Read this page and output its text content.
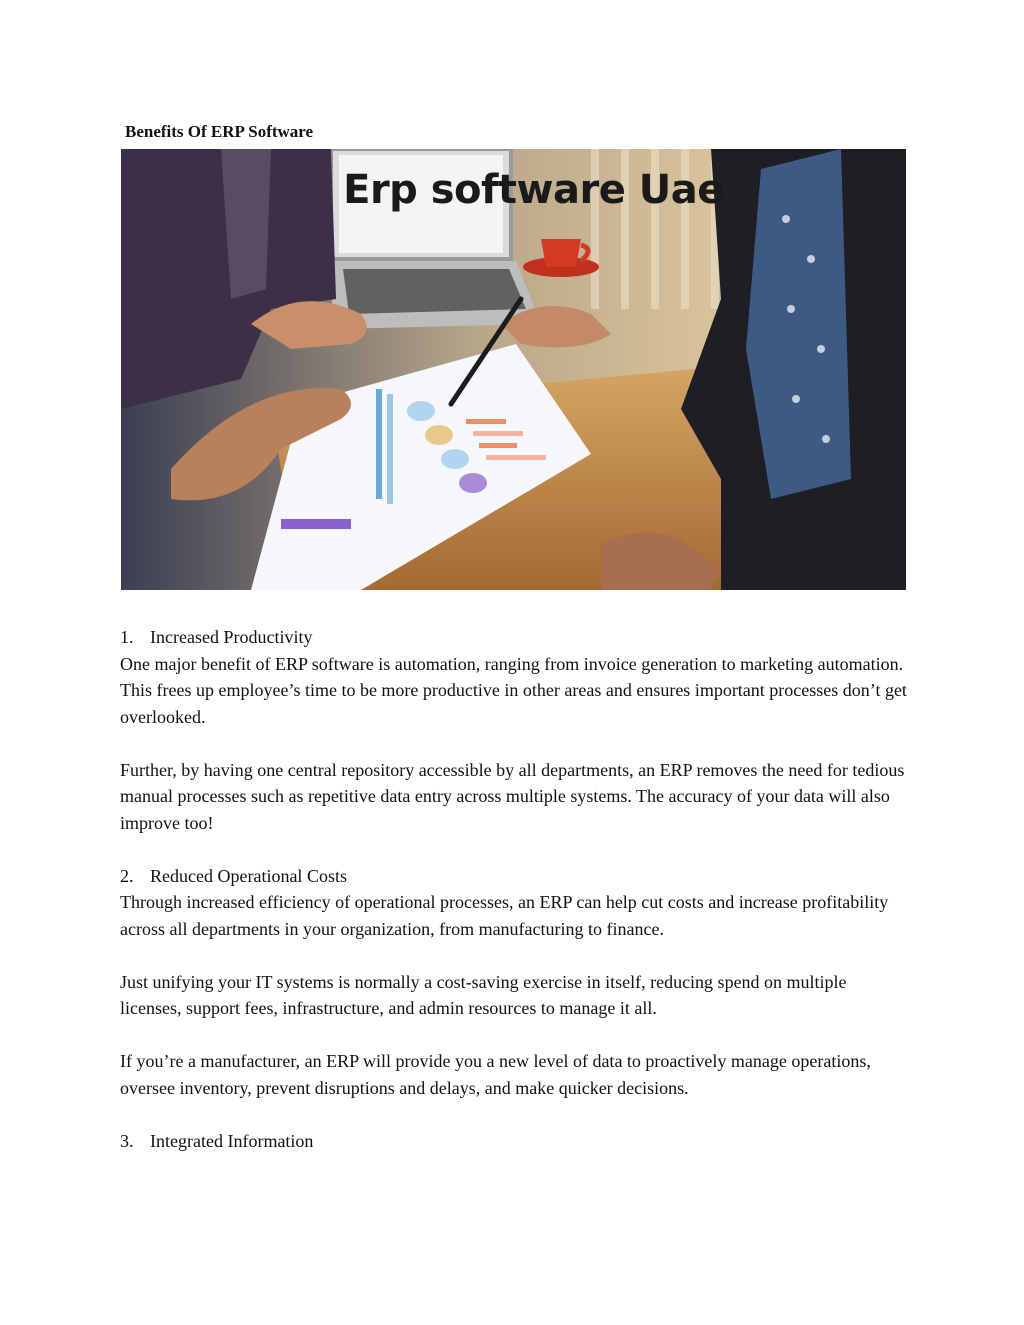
Benefits Of ERP Software
Erp software Uae

1. Increased Productivity

One major benefit of ERP software is automation, ranging from invoice generation to marketing automation. This frees up employee’s time to be more productive in other areas and ensures important processes don’t get overlooked.

Further, by having one central repository accessible by all departments, an ERP removes the need for tedious manual processes such as repetitive data entry across multiple systems. The accuracy of your data will also improve too!

2. Reduced Operational Costs

Through increased efficiency of operational processes, an ERP can help cut costs and increase profitability across all departments in your organization, from manufacturing to finance.

Just unifying your IT systems is normally a cost-saving exercise in itself, reducing spend on multiple licenses, support fees, infrastructure, and admin resources to manage it all.

If you’re a manufacturer, an ERP will provide you a new level of data to proactively manage operations, oversee inventory, prevent disruptions and delays, and make quicker decisions.

3. Integrated Information
